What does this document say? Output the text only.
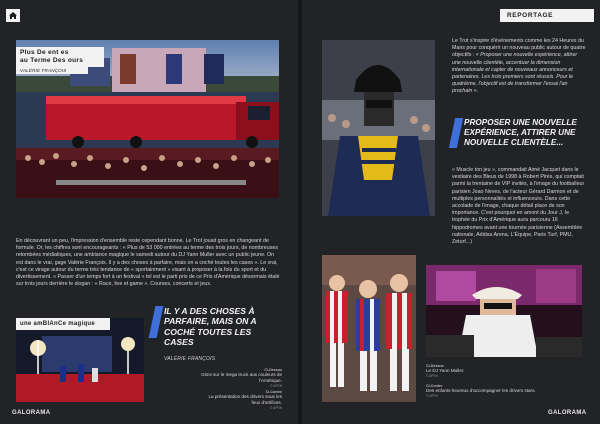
REPORTAGE
Plus De ent es
au Terme Des ours
VALÉRIE FRANÇOIS
En découvrant un peu, l'impression d'ensemble reste cependant bonne. Le Trot jouait gros en changeant de formule. Or, les chiffres sont encourageants : « Plus de 53 000 entrées au terme des trois jours, de nombreuses retombées médiatiques, une ambiance magique le samedi autour du DJ Yann Muller avec un public jeune. On est dans le vrai, gage Valérie François. Il y a des choses à parfaire, mais on a coché toutes les cases ». Le vrai, c'est ce virage autour du terme très tendance de « sportainment » visant à proposer à la fois du sport et du divertissement. « Passer d'un temps fort à un festival » tel est le parti pris de ce Prix d'Amérique désormais étalé sur trois jours derrière le slogan : « Race, live et game ». Courses, concerts et jeux.
une amBIAnCe magique
IL Y A DES CHOSES À PARFAIRE, MAIS ON A COCHÉ TOUTES LES CASES
VALÉRIE FRANÇOIS
Ci-Dessus
Gims sur le mega truck aux couleurs de l'Amérique.
© APRH
Ci-Contre
La présentation des drivers sous les feux d'artifices.
© APRH
GALORAMA
Le Trot s'inspire d'événements comme les 24 Heures du Mans pour conquérir un nouveau public autour de quatre objectifs : « Proposer une nouvelle expérience, attirer une nouvelle clientèle, accentuer la dimension internationale et capter de nouveaux annonceurs et partenaires. Les trois premiers sont réussis. Pour le quatrième, l'objectif est de transformer l'essai l'an prochain ».
PROPOSER UNE NOUVELLE EXPÉRIENCE, ATTIRER UNE NOUVELLE CLIENTÈLE...
« Muscle ton jeu », commandait Aimé Jacquet dans le vestiaire des Bleus de 1998 à Robert Pirès, qui comptait parmi la trentaine de VIP invités, à l'image du footballeur parisien Joao Neves, de l'acteur Gérard Darmon et de multiples personnalités et influenceurs. Dans cette accolade de l'image, chaque détail place de son importance. C'est pourquoi en amont du Jour J, le trophée du Prix d'Amérique aura parcouru 16 hippodromes avant une tournée parisienne (Assemblée nationale, Adidas Arena, L'Équipe, Paris Turf, PMU, Zeturf...)
Ci-Dessus
Le DJ Yann Muller.
© APRH
Ci-Contre
Des enfants heureux d'accompagner les drivers stars.
© APRH
GALORAMA
